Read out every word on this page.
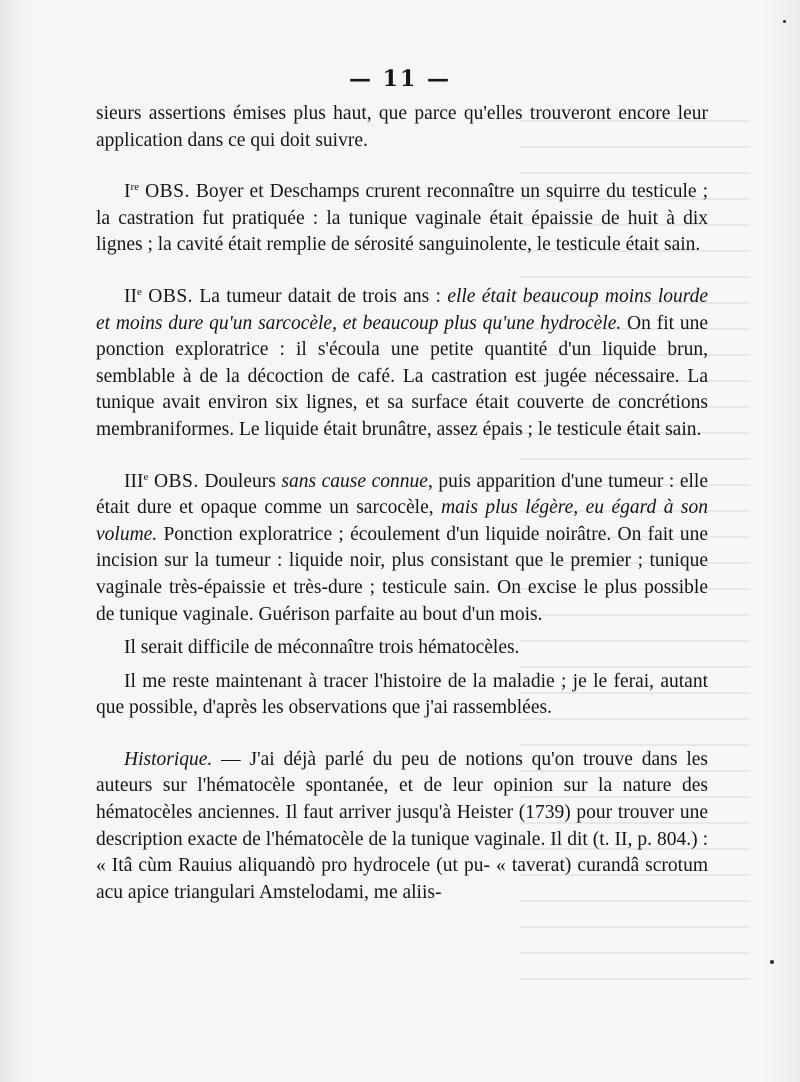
— 11 —

sieurs assertions émises plus haut, que parce qu'elles trouveront encore leur application dans ce qui doit suivre.

Ire OBS. Boyer et Deschamps crurent reconnaître un squirre du testicule ; la castration fut pratiquée : la tunique vaginale était épaissie de huit à dix lignes ; la cavité était remplie de sérosité sanguinolente, le testicule était sain.

IIe OBS. La tumeur datait de trois ans : elle était beaucoup moins lourde et moins dure qu'un sarcocèle, et beaucoup plus qu'une hydrocèle. On fit une ponction exploratrice : il s'écoula une petite quantité d'un liquide brun, semblable à de la décoction de café. La castration est jugée nécessaire. La tunique avait environ six lignes, et sa surface était couverte de concrétions membraniformes. Le liquide était brunâtre, assez épais ; le testicule était sain.

IIIe OBS. Douleurs sans cause connue, puis apparition d'une tumeur : elle était dure et opaque comme un sarcocèle, mais plus légère, eu égard à son volume. Ponction exploratrice ; écoulement d'un liquide noirâtre. On fait une incision sur la tumeur : liquide noir, plus consistant que le premier ; tunique vaginale très-épaissie et très-dure ; testicule sain. On excise le plus possible de tunique vaginale. Guérison parfaite au bout d'un mois.

Il serait difficile de méconnaître trois hématocèles.

Il me reste maintenant à tracer l'histoire de la maladie ; je le ferai, autant que possible, d'après les observations que j'ai rassemblées.

Historique. — J'ai déjà parlé du peu de notions qu'on trouve dans les auteurs sur l'hématocèle spontanée, et de leur opinion sur la nature des hématocèles anciennes. Il faut arriver jusqu'à Heister (1739) pour trouver une description exacte de l'hématocèle de la tunique vaginale. Il dit (t. II, p. 804.) : « Itâ cùm Rauius aliquandò pro hydrocele (ut pu- « taverat) curandâ scrotum acu apice triangulari Amstelodami, me aliis-
